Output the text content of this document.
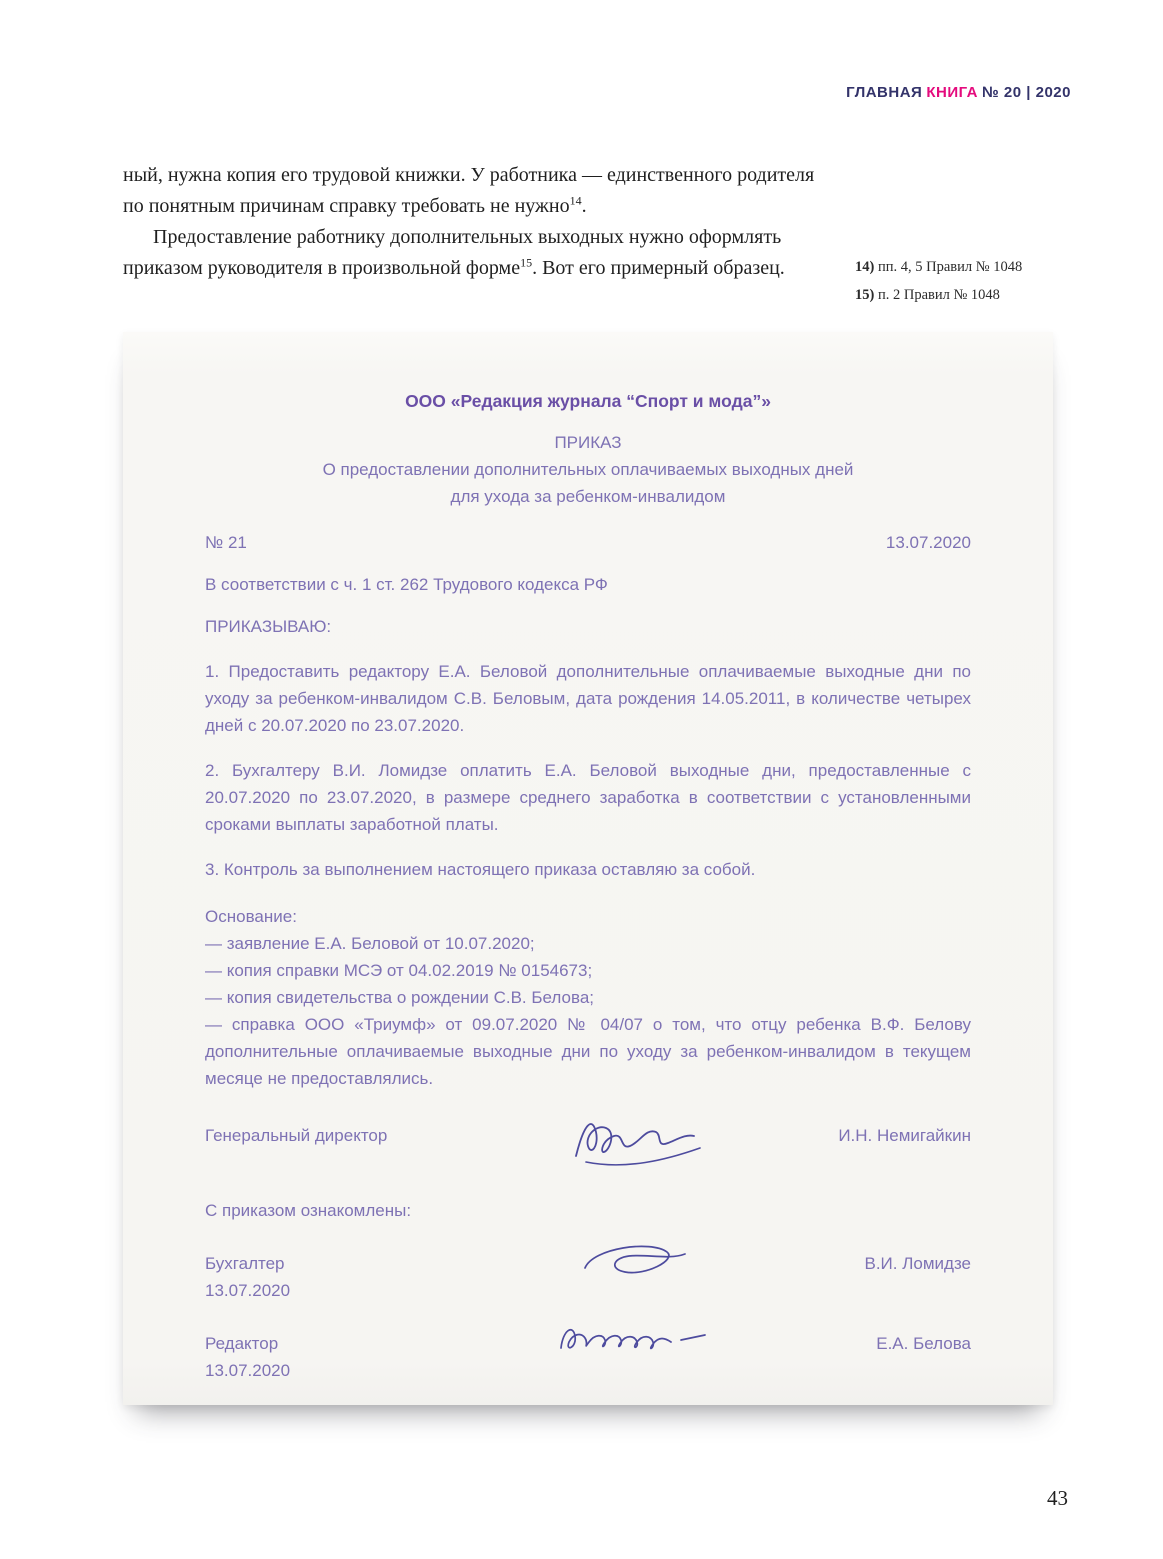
ГЛАВНАЯ КНИГА № 20 | 2020

ный, нужна копия его трудовой книжки. У работника — единственного родителя по понятным причинам справку требовать не нужно$^{14}$.

Предоставление работнику дополнительных выходных нужно оформлять приказом руководителя в произвольной форме$^{15}$. Вот его примерный образец.	14) пп. 4, 5 Правил № 1048
15) п. 2 Правил № 1048
ООО «Редакция журнала “Спорт и мода”»
ПРИКАЗ
О предоставлении дополнительных оплачиваемых выходных дней
для ухода за ребенком-инвалидом
№ 21	13.07.2020

В соответствии с ч. 1 ст. 262 Трудового кодекса РФ

ПРИКАЗЫВАЮ:

1. Предоставить редактору Е.А. Беловой дополнительные оплачиваемые выходные дни по уходу за ребенком-инвалидом С.В. Беловым, дата рождения 14.05.2011, в количестве четырех дней с 20.07.2020 по 23.07.2020.

2. Бухгалтеру В.И. Ломидзе оплатить Е.А. Беловой выходные дни, предоставленные с 20.07.2020 по 23.07.2020, в размере среднего заработка в соответствии с установленными сроками выплаты заработной платы.

3. Контроль за выполнением настоящего приказа оставляю за собой.

Основание:

— заявление Е.А. Беловой от 10.07.2020;

— копия справки МСЭ от 04.02.2019 № 0154673;

— копия свидетельства о рождении С.В. Белова;

— справка ООО «Триумф» от 09.07.2020 № 04/07 о том, что отцу ребенка В.Ф. Белову дополнительные оплачиваемые выходные дни по уходу за ребенком-инвалидом в текущем месяце не предоставлялись.

Генеральный директор	И.Н. Немигайкин

С приказом ознакомлены:

Бухгалтер
13.07.2020
В.И. Ломидзе
Редактор
13.07.2020
Е.А. Белова
43
